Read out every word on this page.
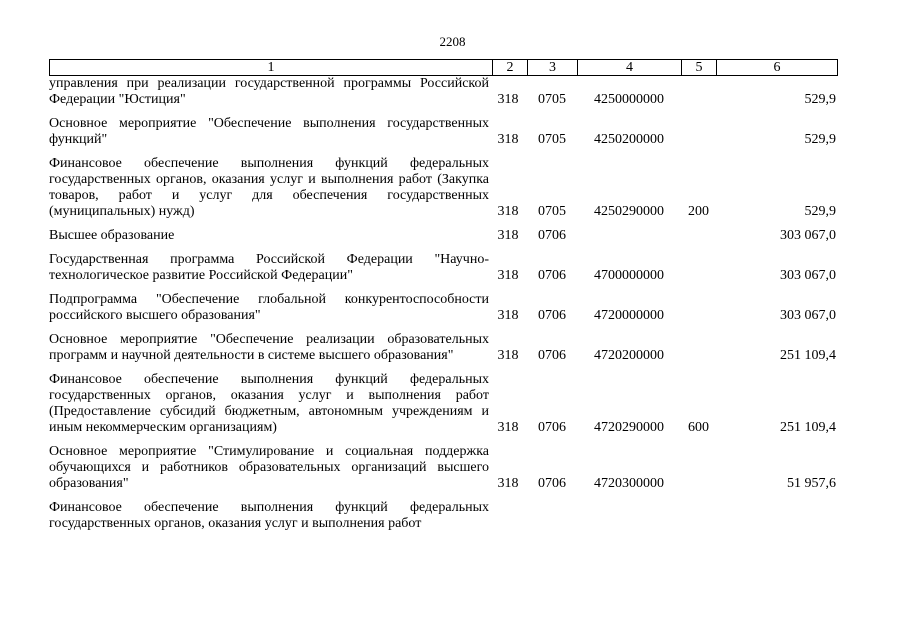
2208
1	2	3	4	5	6
управления при реализации государственной программы Российской Федерации "Юстиция"	318	0705	4250000000		529,9
Основное мероприятие "Обеспечение выполнения государственных функций"	318	0705	4250200000		529,9
Финансовое обеспечение выполнения функций федеральных государственных органов, оказания услуг и выполнения работ (Закупка товаров, работ и услуг для обеспечения государственных (муниципальных) нужд)	318	0705	4250290000	200	529,9
Высшее образование	318	0706			303 067,0
Государственная программа Российской Федерации "Научно-технологическое развитие Российской Федерации"	318	0706	4700000000		303 067,0
Подпрограмма "Обеспечение глобальной конкурентоспособности российского высшего образования"	318	0706	4720000000		303 067,0
Основное мероприятие "Обеспечение реализации образовательных программ и научной деятельности в системе высшего образования"	318	0706	4720200000		251 109,4
Финансовое обеспечение выполнения функций федеральных государственных органов, оказания услуг и выполнения работ (Предоставление субсидий бюджетным, автономным учреждениям и иным некоммерческим организациям)	318	0706	4720290000	600	251 109,4
Основное мероприятие "Стимулирование и социальная поддержка обучающихся и работников образовательных организаций высшего образования"	318	0706	4720300000		51 957,6
Финансовое обеспечение выполнения функций федеральных государственных органов, оказания услуг и выполнения работ					
